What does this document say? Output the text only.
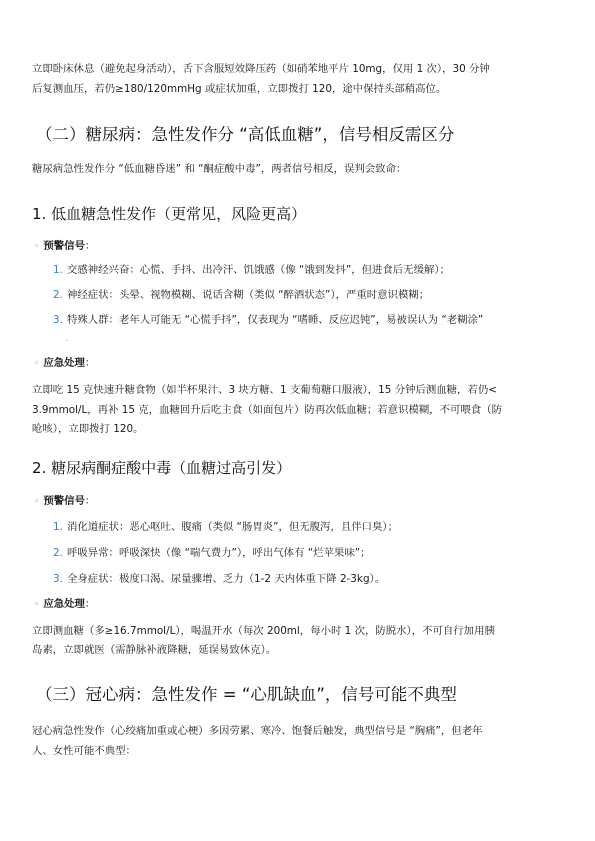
立即卧床休息（避免起身活动），舌下含服短效降压药（如硝苯地平片 10mg，仅用 1 次），30 分钟

后复测血压，若仍≥180/120mmHg 或症状加重，立即拨打 120，途中保持头部稍高位。

（二）糖尿病：急性发作分 “高低血糖”，信号相反需区分

糖尿病急性发作分 “低血糖昏迷” 和 “酮症酸中毒”，两者信号相反，误判会致命：

1. 低血糖急性发作（更常见，风险更高）
◦ 预警信号：
1. 交感神经兴奋：心慌、手抖、出冷汗、饥饿感（像 “饿到发抖”，但进食后无缓解）；
2. 神经症状：头晕、视物模糊、说话含糊（类似 “醉酒状态”），严重时意识模糊；
3. 特殊人群：老年人可能无 “心慌手抖”，仅表现为 “嗜睡、反应迟钝”，易被误认为 “老糊涂”
.
◦ 应急处理：

立即吃 15 克快速升糖食物（如半杯果汁、3 块方糖、1 支葡萄糖口服液），15 分钟后测血糖，若仍<

3.9mmol/L，再补 15 克，血糖回升后吃主食（如面包片）防再次低血糖；若意识模糊，不可喂食（防

呛咳），立即拨打 120。

2. 糖尿病酮症酸中毒（血糖过高引发）
◦ 预警信号：
1. 消化道症状：恶心呕吐、腹痛（类似 “肠胃炎”，但无腹泻，且伴口臭）；
2. 呼吸异常：呼吸深快（像 “喘气费力”），呼出气体有 “烂苹果味”；
3. 全身症状：极度口渴、尿量骤增、乏力（1-2 天内体重下降 2-3kg）。
◦ 应急处理：

立即测血糖（多≥16.7mmol/L），喝温开水（每次 200ml，每小时 1 次，防脱水），不可自行加用胰

岛素，立即就医（需静脉补液降糖，延误易致休克）。

（三）冠心病：急性发作 = “心肌缺血”，信号可能不典型

冠心病急性发作（心绞痛加重或心梗）多因劳累、寒冷、饱餐后触发，典型信号是 “胸痛”，但老年

人、女性可能不典型：
